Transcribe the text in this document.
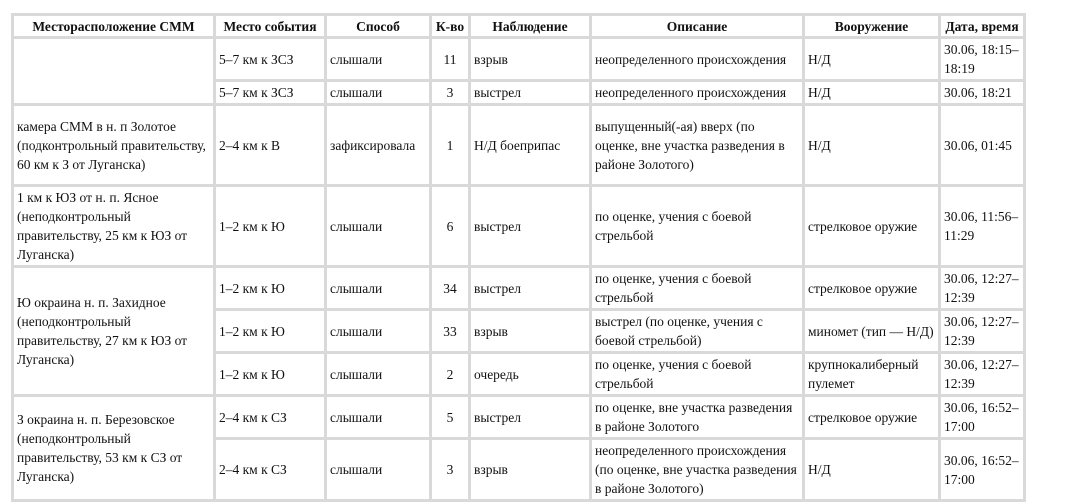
Месторасположение СММ	Место события	Способ	К-во	Наблюдение	Описание	Вооружение	Дата, время
	5–7 км к ЗСЗ	слышали	11	взрыв	неопределенного происхождения	Н/Д	30.06, 18:15–18:19
	5–7 км к ЗСЗ	слышали	3	выстрел	неопределенного происхождения	Н/Д	30.06, 18:21
камера СММ в н. п Золотое (подконтрольный правительству, 60 км к З от Луганска)	2–4 км к В	зафиксировала	1	Н/Д боеприпас	выпущенный(-ая) вверх (по оценке, вне участка разведения в районе Золотого)	Н/Д	30.06, 01:45
1 км к ЮЗ от н. п. Ясное (неподконтрольный правительству, 25 км к ЮЗ от Луганска)	1–2 км к Ю	слышали	6	выстрел	по оценке, учения с боевой стрельбой	стрелковое оружие	30.06, 11:56–11:29
Ю окраина н. п. Захидное (неподконтрольный правительству, 27 км к ЮЗ от Луганска)	1–2 км к Ю	слышали	34	выстрел	по оценке, учения с боевой стрельбой	стрелковое оружие	30.06, 12:27–12:39
	1–2 км к Ю	слышали	33	взрыв	выстрел (по оценке, учения с боевой стрельбой)	миномет (тип — Н/Д)	30.06, 12:27–12:39
	1–2 км к Ю	слышали	2	очередь	по оценке, учения с боевой стрельбой	крупнокалиберный пулемет	30.06, 12:27–12:39
З окраина н. п. Березовское (неподконтрольный правительству, 53 км к СЗ от Луганска)	2–4 км к СЗ	слышали	5	выстрел	по оценке, вне участка разведения в районе Золотого	стрелковое оружие	30.06, 16:52–17:00
	2–4 км к СЗ	слышали	3	взрыв	неопределенного происхождения (по оценке, вне участка разведения в районе Золотого)	Н/Д	30.06, 16:52–17:00
